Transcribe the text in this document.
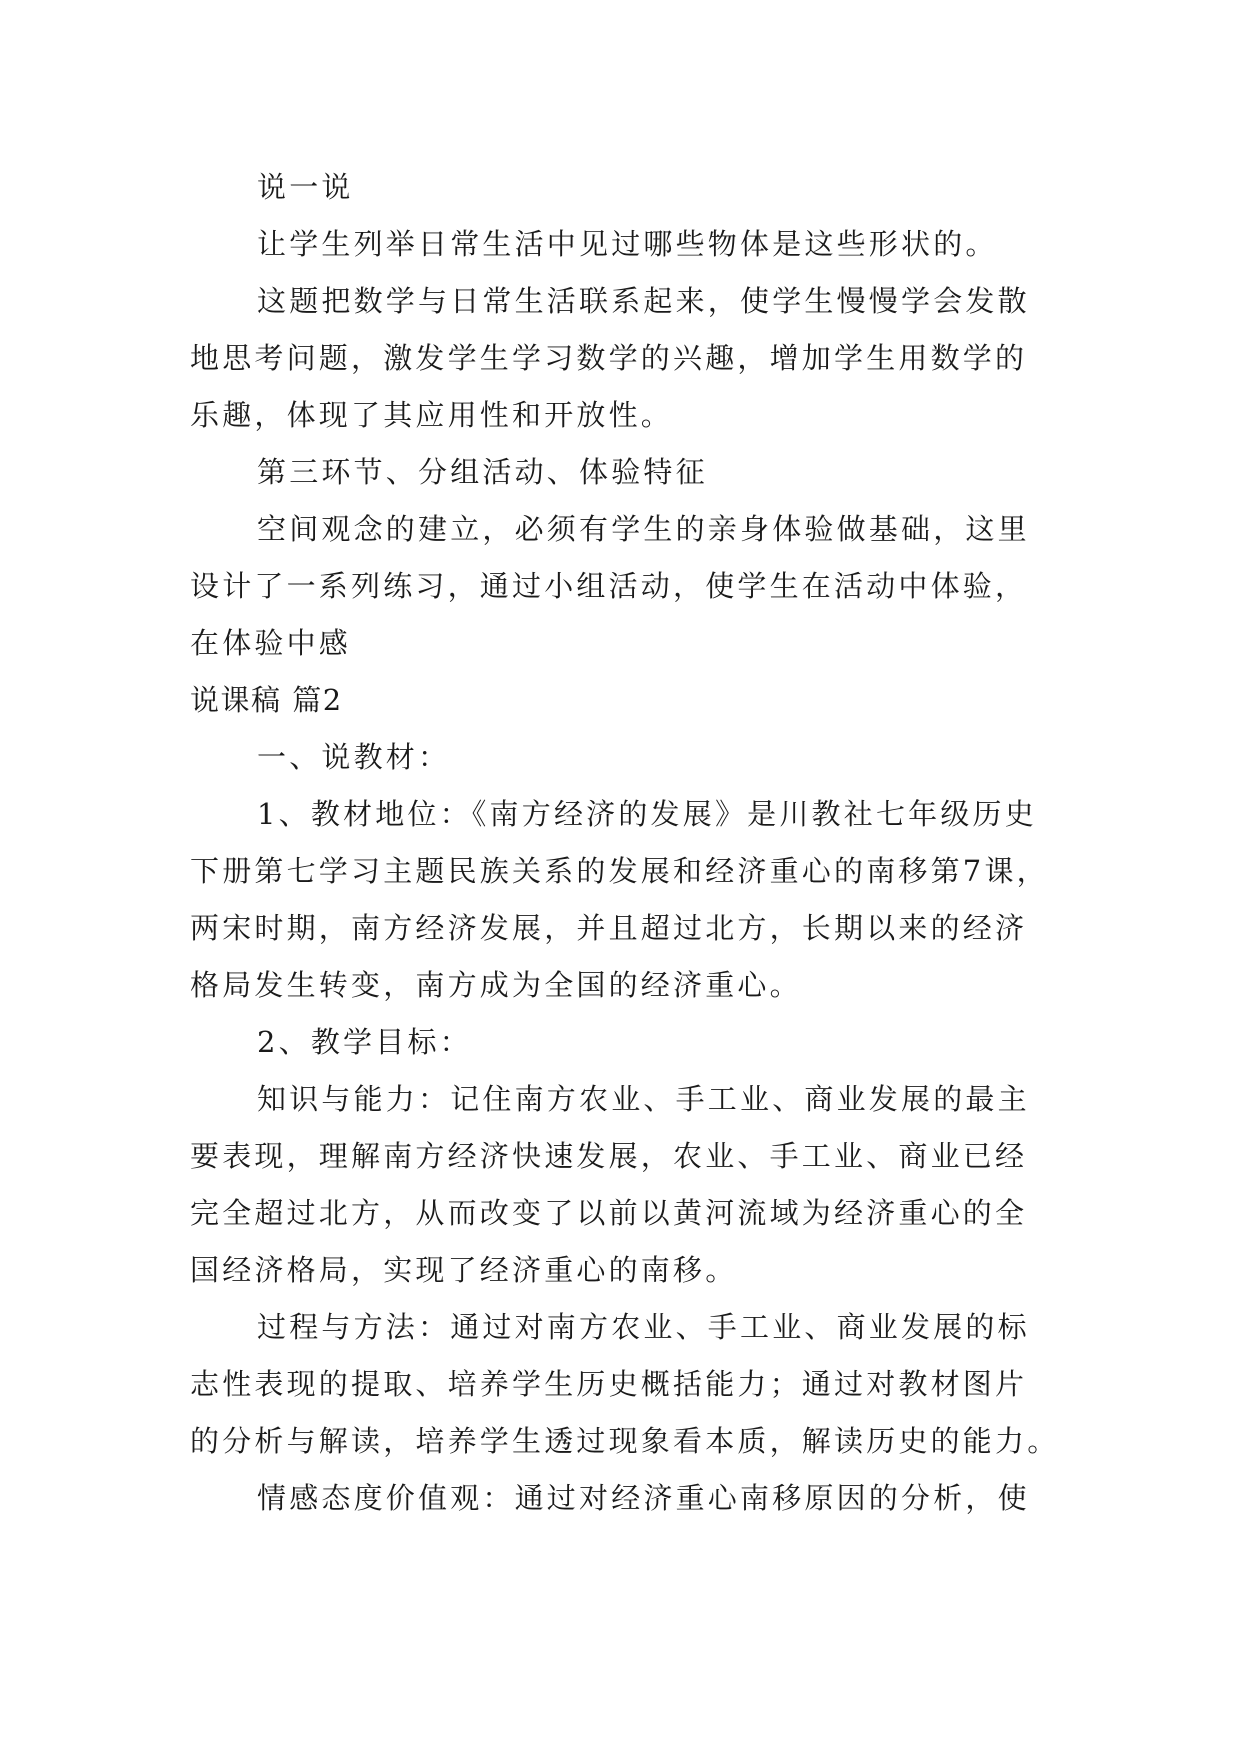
说一说
让学生列举日常生活中见过哪些物体是这些形状的。
这题把数学与日常生活联系起来，使学生慢慢学会发散
地思考问题，激发学生学习数学的兴趣，增加学生用数学的
乐趣，体现了其应用性和开放性。
第三环节、分组活动、体验特征
空间观念的建立，必须有学生的亲身体验做基础，这里
设计了一系列练习，通过小组活动，使学生在活动中体验，
在体验中感
说课稿 篇2
一、说教材：
1、教材地位：《南方经济的发展》是川教社七年级历史
下册第七学习主题民族关系的发展和经济重心的南移第7课，
两宋时期，南方经济发展，并且超过北方，长期以来的经济
格局发生转变，南方成为全国的经济重心。
2、教学目标：
知识与能力：记住南方农业、手工业、商业发展的最主
要表现，理解南方经济快速发展，农业、手工业、商业已经
完全超过北方，从而改变了以前以黄河流域为经济重心的全
国经济格局，实现了经济重心的南移。
过程与方法：通过对南方农业、手工业、商业发展的标
志性表现的提取、培养学生历史概括能力；通过对教材图片
的分析与解读，培养学生透过现象看本质，解读历史的能力。
情感态度价值观：通过对经济重心南移原因的分析，使
